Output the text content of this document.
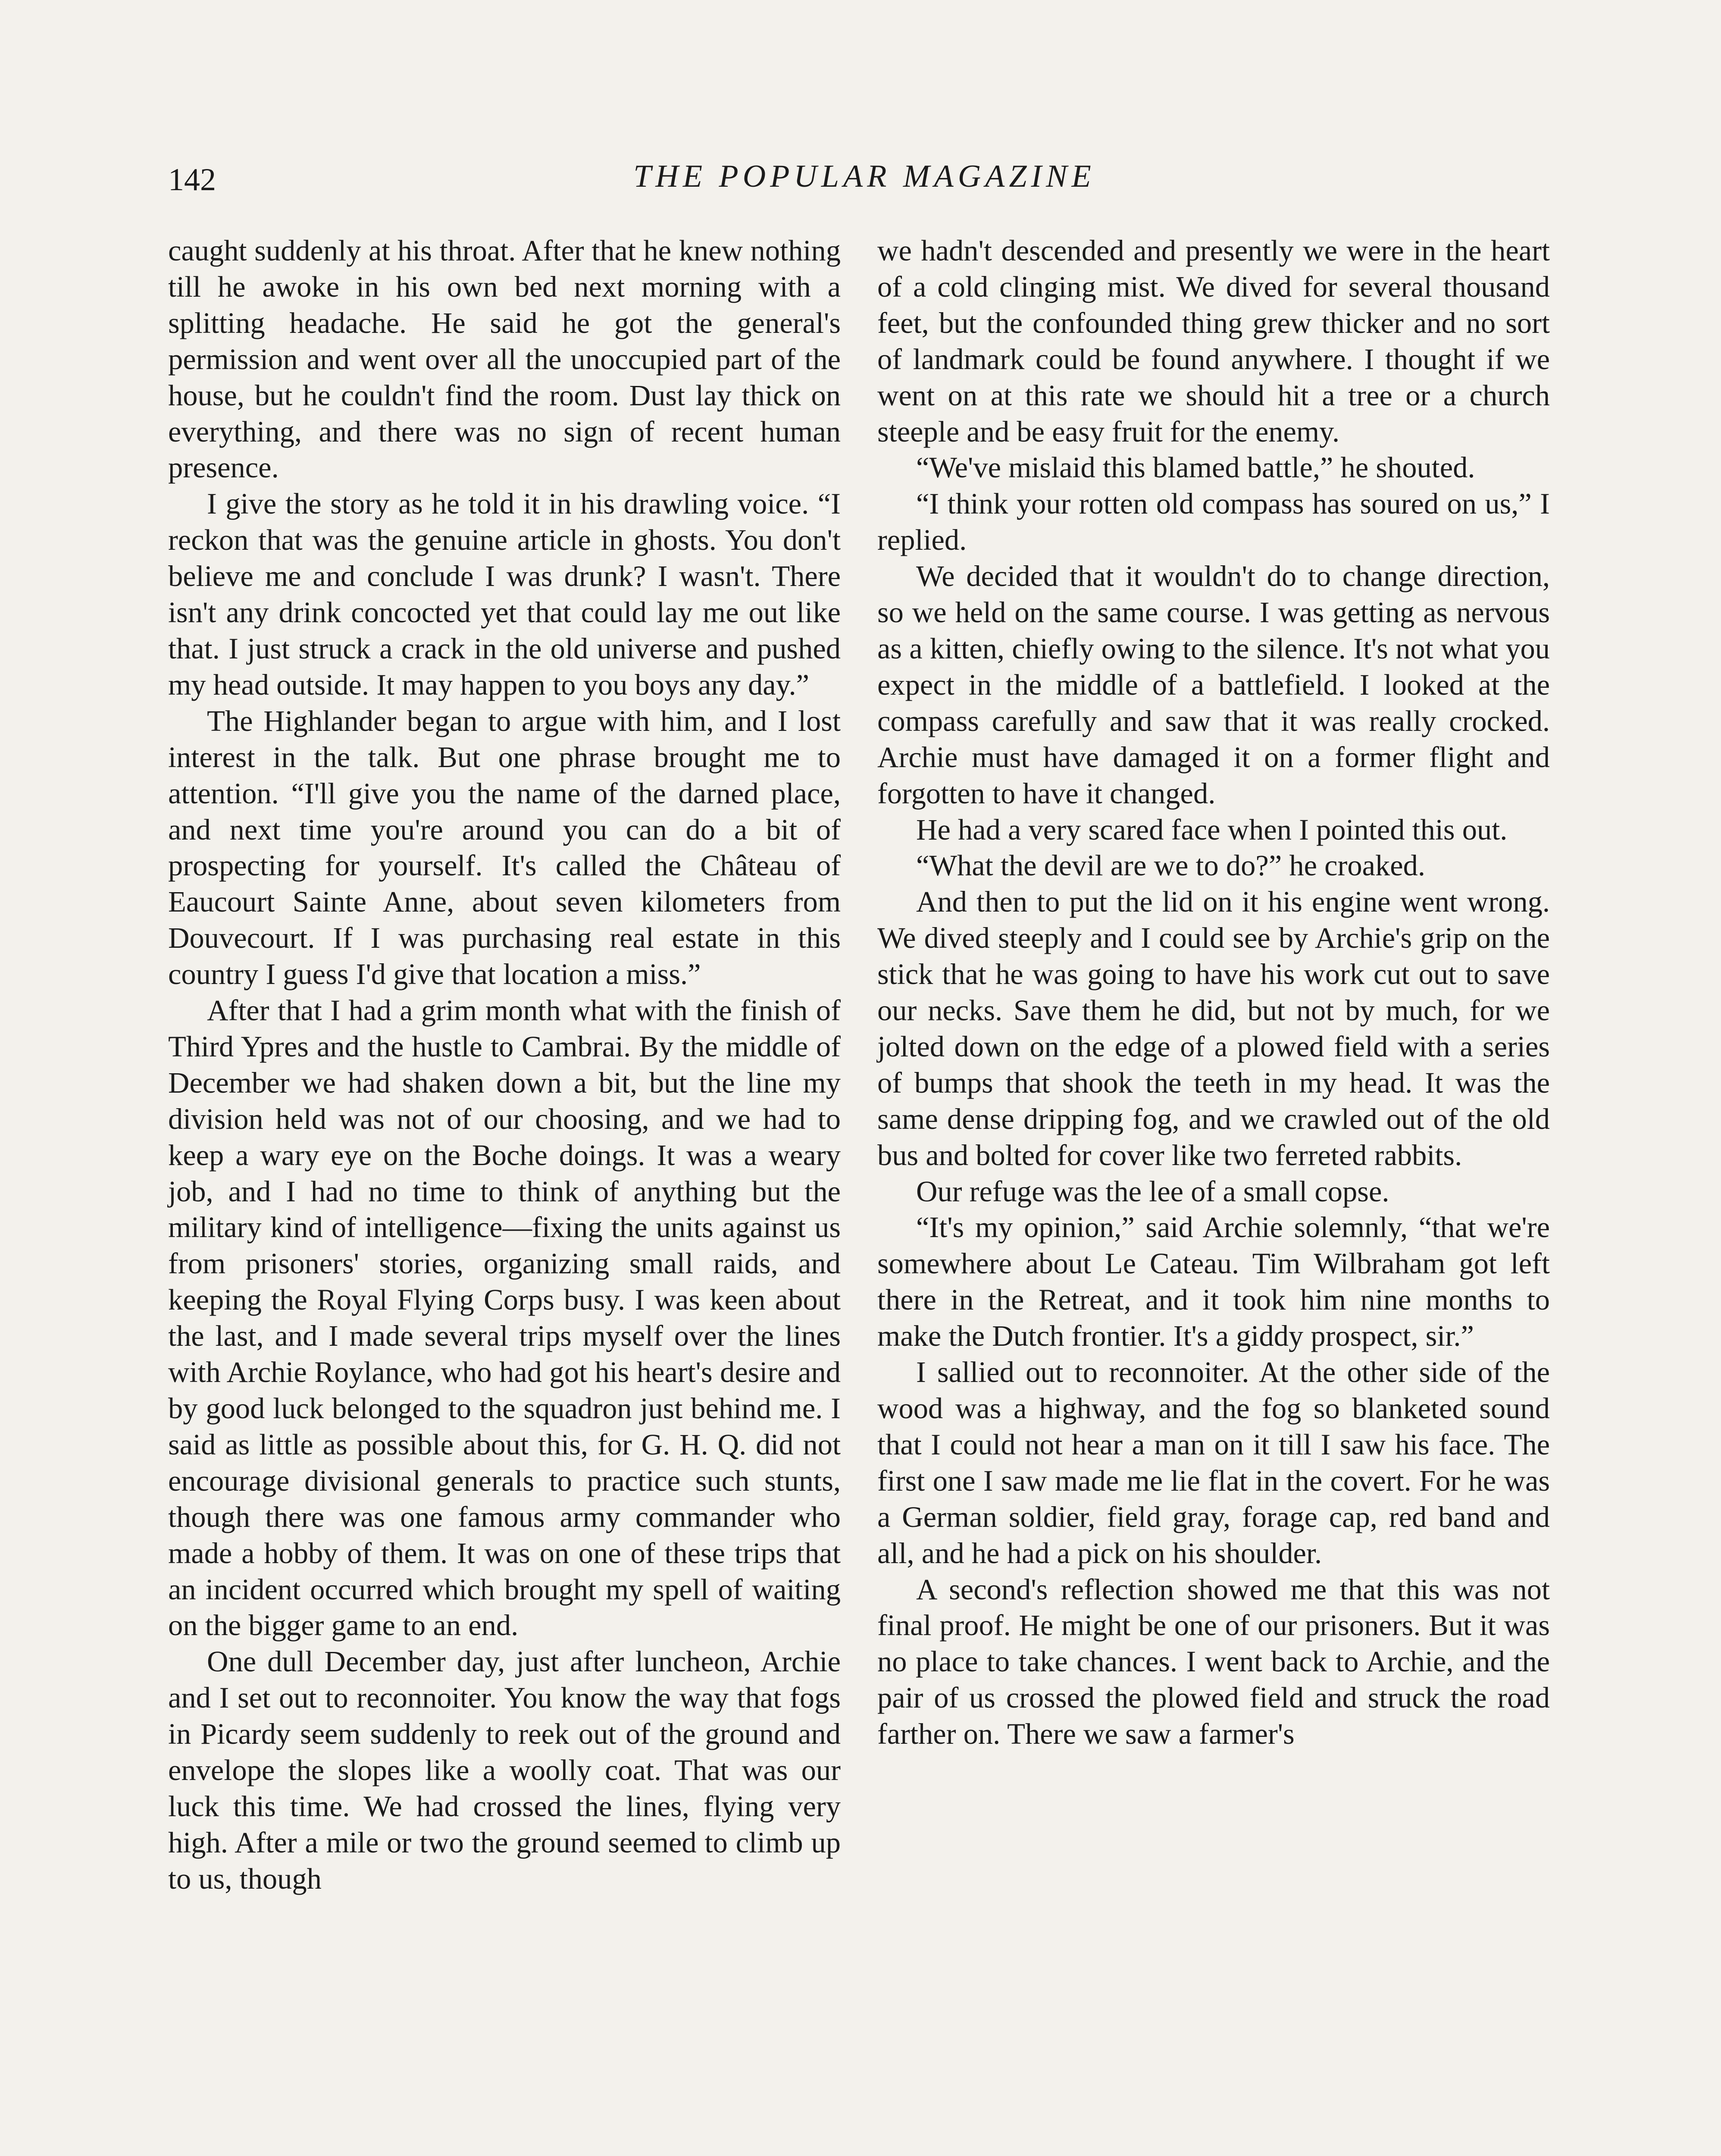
142	THE POPULAR MAGAZINE

caught suddenly at his throat. After that he knew nothing till he awoke in his own bed next morning with a splitting headache. He said he got the general's permission and went over all the unoccupied part of the house, but he couldn't find the room. Dust lay thick on everything, and there was no sign of recent human presence.

I give the story as he told it in his drawling voice. “I reckon that was the genuine article in ghosts. You don't believe me and conclude I was drunk? I wasn't. There isn't any drink concocted yet that could lay me out like that. I just struck a crack in the old universe and pushed my head outside. It may happen to you boys any day.”

The Highlander began to argue with him, and I lost interest in the talk. But one phrase brought me to attention. “I'll give you the name of the darned place, and next time you're around you can do a bit of prospecting for yourself. It's called the Château of Eaucourt Sainte Anne, about seven kilometers from Douvecourt. If I was purchasing real estate in this country I guess I'd give that location a miss.”

After that I had a grim month what with the finish of Third Ypres and the hustle to Cambrai. By the middle of December we had shaken down a bit, but the line my division held was not of our choosing, and we had to keep a wary eye on the Boche doings. It was a weary job, and I had no time to think of anything but the military kind of intelligence—fixing the units against us from prisoners' stories, organizing small raids, and keeping the Royal Flying Corps busy. I was keen about the last, and I made several trips myself over the lines with Archie Roylance, who had got his heart's desire and by good luck belonged to the squadron just behind me. I said as little as possible about this, for G. H. Q. did not encourage divisional generals to practice such stunts, though there was one famous army commander who made a hobby of them. It was on one of these trips that an incident occurred which brought my spell of waiting on the bigger game to an end.

One dull December day, just after luncheon, Archie and I set out to reconnoiter. You know the way that fogs in Picardy seem suddenly to reek out of the ground and envelope the slopes like a woolly coat. That was our luck this time. We had crossed the lines, flying very high. After a mile or two the ground seemed to climb up to us, though

we hadn't descended and presently we were in the heart of a cold clinging mist. We dived for several thousand feet, but the confounded thing grew thicker and no sort of landmark could be found anywhere. I thought if we went on at this rate we should hit a tree or a church steeple and be easy fruit for the enemy.

“We've mislaid this blamed battle,” he shouted.

“I think your rotten old compass has soured on us,” I replied.

We decided that it wouldn't do to change direction, so we held on the same course. I was getting as nervous as a kitten, chiefly owing to the silence. It's not what you expect in the middle of a battlefield. I looked at the compass carefully and saw that it was really crocked. Archie must have damaged it on a former flight and forgotten to have it changed.

He had a very scared face when I pointed this out.

“What the devil are we to do?” he croaked.

And then to put the lid on it his engine went wrong. We dived steeply and I could see by Archie's grip on the stick that he was going to have his work cut out to save our necks. Save them he did, but not by much, for we jolted down on the edge of a plowed field with a series of bumps that shook the teeth in my head. It was the same dense dripping fog, and we crawled out of the old bus and bolted for cover like two ferreted rabbits.

Our refuge was the lee of a small copse.

“It's my opinion,” said Archie solemnly, “that we're somewhere about Le Cateau. Tim Wilbraham got left there in the Retreat, and it took him nine months to make the Dutch frontier. It's a giddy prospect, sir.”

I sallied out to reconnoiter. At the other side of the wood was a highway, and the fog so blanketed sound that I could not hear a man on it till I saw his face. The first one I saw made me lie flat in the covert. For he was a German soldier, field gray, forage cap, red band and all, and he had a pick on his shoulder.

A second's reflection showed me that this was not final proof. He might be one of our prisoners. But it was no place to take chances. I went back to Archie, and the pair of us crossed the plowed field and struck the road farther on. There we saw a farmer's
